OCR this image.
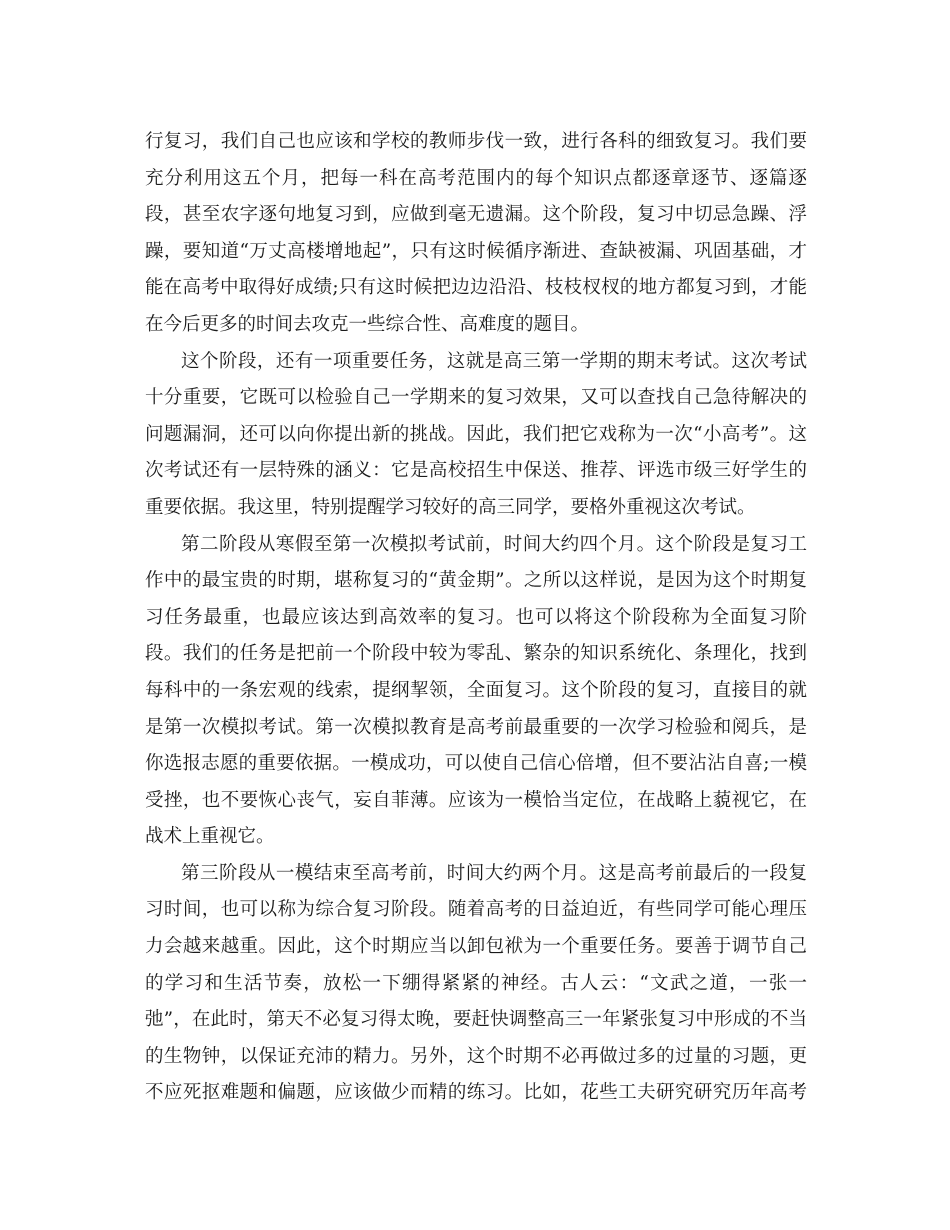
行复习，我们自己也应该和学校的教师步伐一致，进行各科的细致复习。我们要
充分利用这五个月，把每一科在高考范围内的每个知识点都逐章逐节、逐篇逐
段，甚至农字逐句地复习到，应做到毫无遗漏。这个阶段，复习中切忌急躁、浮
躁，要知道“万丈高楼增地起”，只有这时候循序渐进、查缺被漏、巩固基础，才
能在高考中取得好成绩;只有这时候把边边沿沿、枝枝杈杈的地方都复习到，才能
在今后更多的时间去攻克一些综合性、高难度的题目。
这个阶段，还有一项重要任务，这就是高三第一学期的期末考试。这次考试
十分重要，它既可以检验自己一学期来的复习效果，又可以查找自己急待解决的
问题漏洞，还可以向你提出新的挑战。因此，我们把它戏称为一次“小高考”。这
次考试还有一层特殊的涵义：它是高校招生中保送、推荐、评选市级三好学生的
重要依据。我这里，特别提醒学习较好的高三同学，要格外重视这次考试。
第二阶段从寒假至第一次模拟考试前，时间大约四个月。这个阶段是复习工
作中的最宝贵的时期，堪称复习的“黄金期”。之所以这样说，是因为这个时期复
习任务最重，也最应该达到高效率的复习。也可以将这个阶段称为全面复习阶
段。我们的任务是把前一个阶段中较为零乱、繁杂的知识系统化、条理化，找到
每科中的一条宏观的线索，提纲挈领，全面复习。这个阶段的复习，直接目的就
是第一次模拟考试。第一次模拟教育是高考前最重要的一次学习检验和阅兵，是
你选报志愿的重要依据。一模成功，可以使自己信心倍增，但不要沾沾自喜;一模
受挫，也不要恢心丧气，妄自菲薄。应该为一模恰当定位，在战略上藐视它，在
战术上重视它。
第三阶段从一模结束至高考前，时间大约两个月。这是高考前最后的一段复
习时间，也可以称为综合复习阶段。随着高考的日益迫近，有些同学可能心理压
力会越来越重。因此，这个时期应当以卸包袱为一个重要任务。要善于调节自己
的学习和生活节奏，放松一下绷得紧紧的神经。古人云：“文武之道，一张一
弛”，在此时，第天不必复习得太晚，要赶快调整高三一年紧张复习中形成的不当
的生物钟，以保证充沛的精力。另外，这个时期不必再做过多的过量的习题，更
不应死抠难题和偏题，应该做少而精的练习。比如，花些工夫研究研究历年高考
